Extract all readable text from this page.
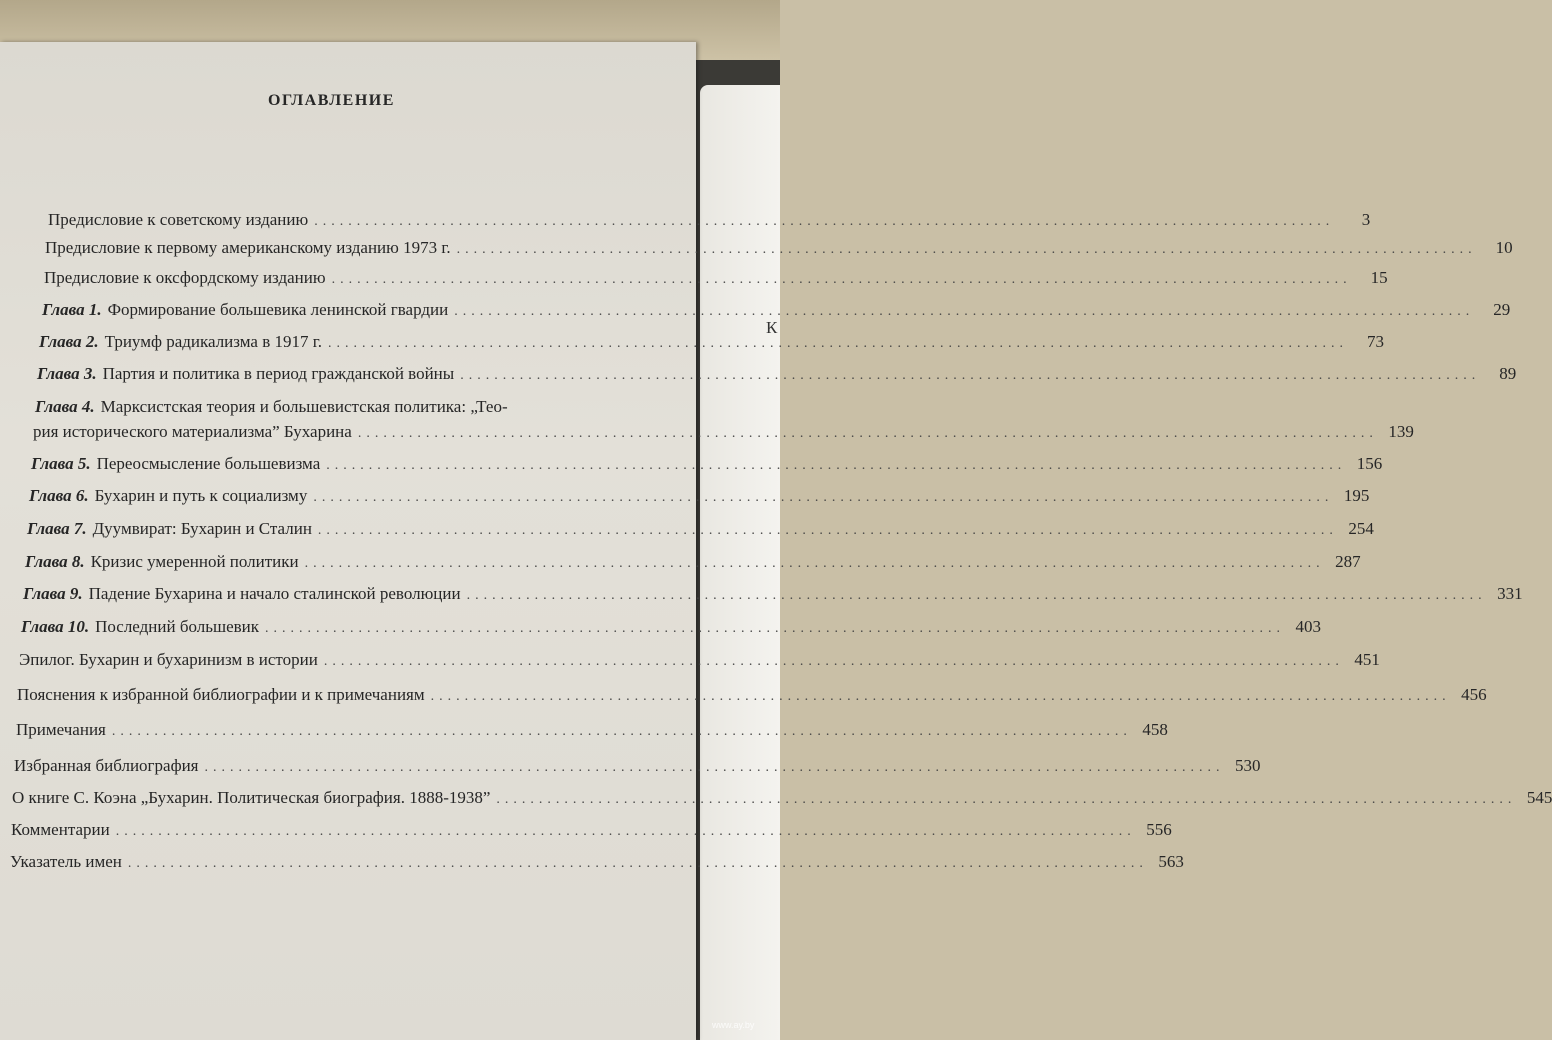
К
ОГЛАВЛЕНИЕ
Предисловие к советскому изданию ........................................................................................................................	3
Предисловие к первому американскому изданию 1973 г. ........................................................................................................................	10
Предисловие к оксфордскому изданию ........................................................................................................................	15
Глава 1. Формирование большевика ленинской гвардии ........................................................................................................................	29
Глава 2. Триумф радикализма в 1917 г. ........................................................................................................................	73
Глава 3. Партия и политика в период гражданской войны ........................................................................................................................	89
Глава 4. Марксистская теория и большевистская политика: „Тео-
рия исторического материализма” Бухарина ........................................................................................................................ 139
Глава 5. Переосмысление большевизма ........................................................................................................................ 156
Глава 6. Бухарин и путь к социализму ........................................................................................................................ 195
Глава 7. Дуумвират: Бухарин и Сталин ........................................................................................................................ 254
Глава 8. Кризис умеренной политики ........................................................................................................................ 287
Глава 9. Падение Бухарина и начало сталинской революции ........................................................................................................................ 331
Глава 10. Последний большевик ........................................................................................................................ 403
Эпилог. Бухарин и бухаринизм в истории ........................................................................................................................ 451
Пояснения к избранной библиографии и к примечаниям ........................................................................................................................ 456
Примечания ........................................................................................................................ 458
Избранная библиография ........................................................................................................................ 530
О книге С. Коэна „Бухарин. Политическая биография. 1888-1938” ........................................................................................................................ 545
Комментарии ........................................................................................................................ 556
Указатель имен ........................................................................................................................ 563
www.ay.by
